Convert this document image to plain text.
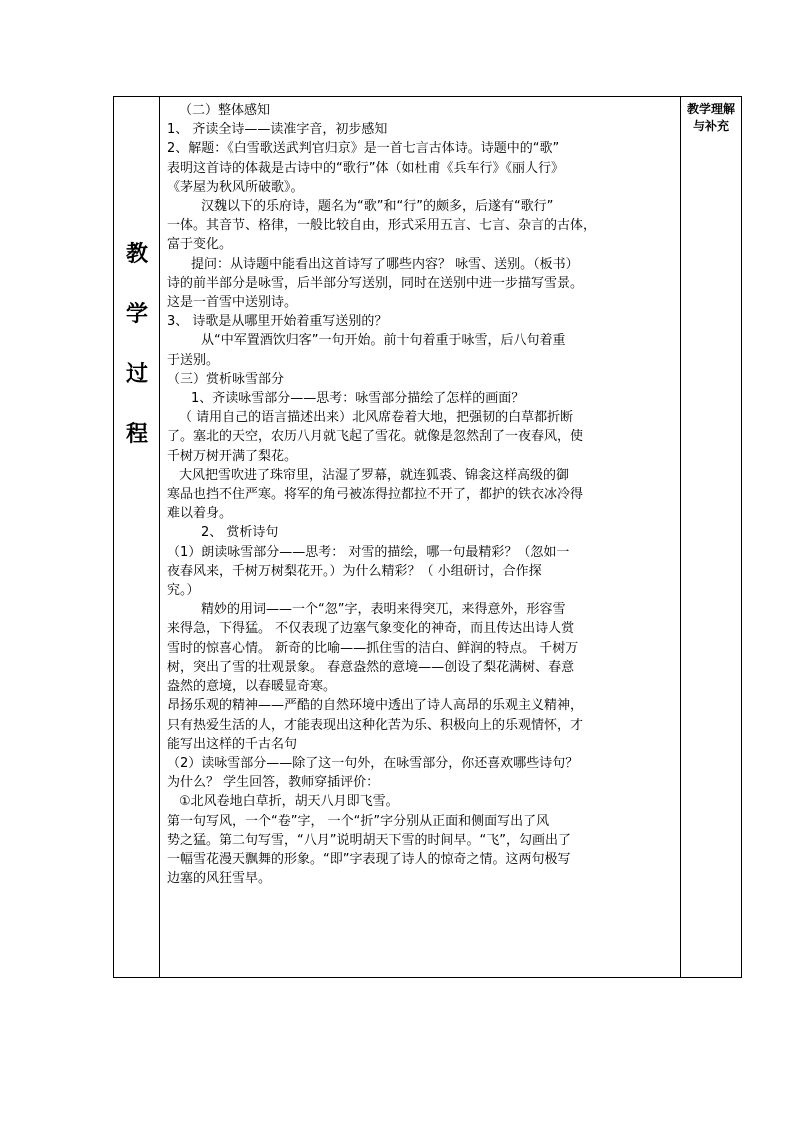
教
学
过
程
（二）整体感知
1、 齐读全诗——读准字音，初步感知
2、解题：《白雪歌送武判官归京》是一首七言古体诗。诗题中的“歌”
表明这首诗的体裁是古诗中的“歌行”体（如杜甫《兵车行》《丽人行》
《茅屋为秋风所破歌》。
汉魏以下的乐府诗，题名为“歌”和“行”的颇多，后遂有“歌行”
一体。其音节、格律，一般比较自由，形式采用五言、七言、杂言的古体，
富于变化。
提问：从诗题中能看出这首诗写了哪些内容？ 咏雪、送别。（板书）
诗的前半部分是咏雪，后半部分写送别，同时在送别中进一步描写雪景。
这是一首雪中送别诗。
3、 诗歌是从哪里开始着重写送别的？
从“中军置酒饮归客”一句开始。前十句着重于咏雪，后八句着重
于送别。
（三）赏析咏雪部分
1、齐读咏雪部分——思考：咏雪部分描绘了怎样的画面？
（ 请用自己的语言描述出来）北风席卷着大地，把强韧的白草都折断
了。塞北的天空，农历八月就飞起了雪花。就像是忽然刮了一夜春风，使
千树万树开满了梨花。
大风把雪吹进了珠帘里，沾湿了罗幕，就连狐裘、锦衾这样高级的御
寒品也挡不住严寒。将军的角弓被冻得拉都拉不开了，都护的铁衣冰冷得
难以着身。
2、 赏析诗句
（1）朗读咏雪部分——思考： 对雪的描绘，哪一句最精彩？（忽如一
夜春风来，千树万树梨花开。）为什么精彩？（ 小组研讨，合作探
究。）
精妙的用词——一个“忽”字，表明来得突兀，来得意外，形容雪
来得急，下得猛。 不仅表现了边塞气象变化的神奇，而且传达出诗人赏
雪时的惊喜心情。 新奇的比喻——抓住雪的洁白、鲜润的特点。 千树万
树，突出了雪的壮观景象。 春意盎然的意境——创设了梨花满树、春意
盎然的意境，以春暖显奇寒。
昂扬乐观的精神——严酷的自然环境中透出了诗人高昂的乐观主义精神，
只有热爱生活的人，才能表现出这种化苦为乐、积极向上的乐观情怀，才
能写出这样的千古名句
（2）读咏雪部分——除了这一句外，在咏雪部分，你还喜欢哪些诗句？
为什么？ 学生回答，教师穿插评价：
①北风卷地白草折，胡天八月即飞雪。
第一句写风，一个“卷”字， 一个“折”字分别从正面和侧面写出了风
势之猛。第二句写雪，“八月”说明胡天下雪的时间早。“飞”，勾画出了
一幅雪花漫天飘舞的形象。“即”字表现了诗人的惊奇之情。这两句极写
边塞的风狂雪早。
教学理解与补充
